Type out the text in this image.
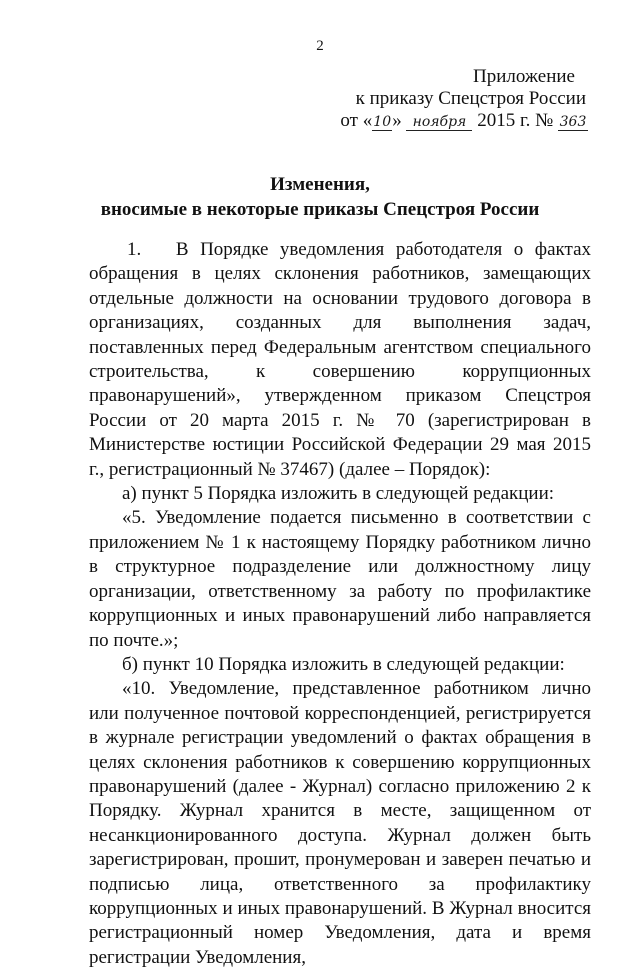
2
Приложение
к приказу Спецстроя России
от «10» ноября 2015 г. № 363
Изменения,
вносимые в некоторые приказы Спецстроя России

1.   В Порядке уведомления работодателя о фактах обращения в целях склонения работников, замещающих отдельные должности на основании трудового договора в организациях, созданных для выполнения задач, поставленных перед Федеральным агентством специального строительства, к совершению коррупционных правонарушений», утвержденном приказом Спецстроя России от 20 марта 2015 г. № 70 (зарегистрирован в Министерстве юстиции Российской Федерации 29 мая 2015 г., регистрационный № 37467) (далее – Порядок):

а) пункт 5 Порядка изложить в следующей редакции:

«5. Уведомление подается письменно в соответствии с приложением № 1 к настоящему Порядку работником лично в структурное подразделение или должностному лицу организации, ответственному за работу по профилактике коррупционных и иных правонарушений либо направляется по почте.»;

б) пункт 10 Порядка изложить в следующей редакции:

«10. Уведомление, представленное работником лично или полученное почтовой корреспонденцией, регистрируется в журнале регистрации уведомлений о фактах обращения в целях склонения работников к совершению коррупционных правонарушений (далее - Журнал) согласно приложению 2 к Порядку. Журнал хранится в месте, защищенном от несанкционированного доступа. Журнал должен быть зарегистрирован, прошит, пронумерован и заверен печатью и подписью лица, ответственного за профилактику коррупционных и иных правонарушений. В Журнал вносится регистрационный номер Уведомления, дата и время регистрации Уведомления,
